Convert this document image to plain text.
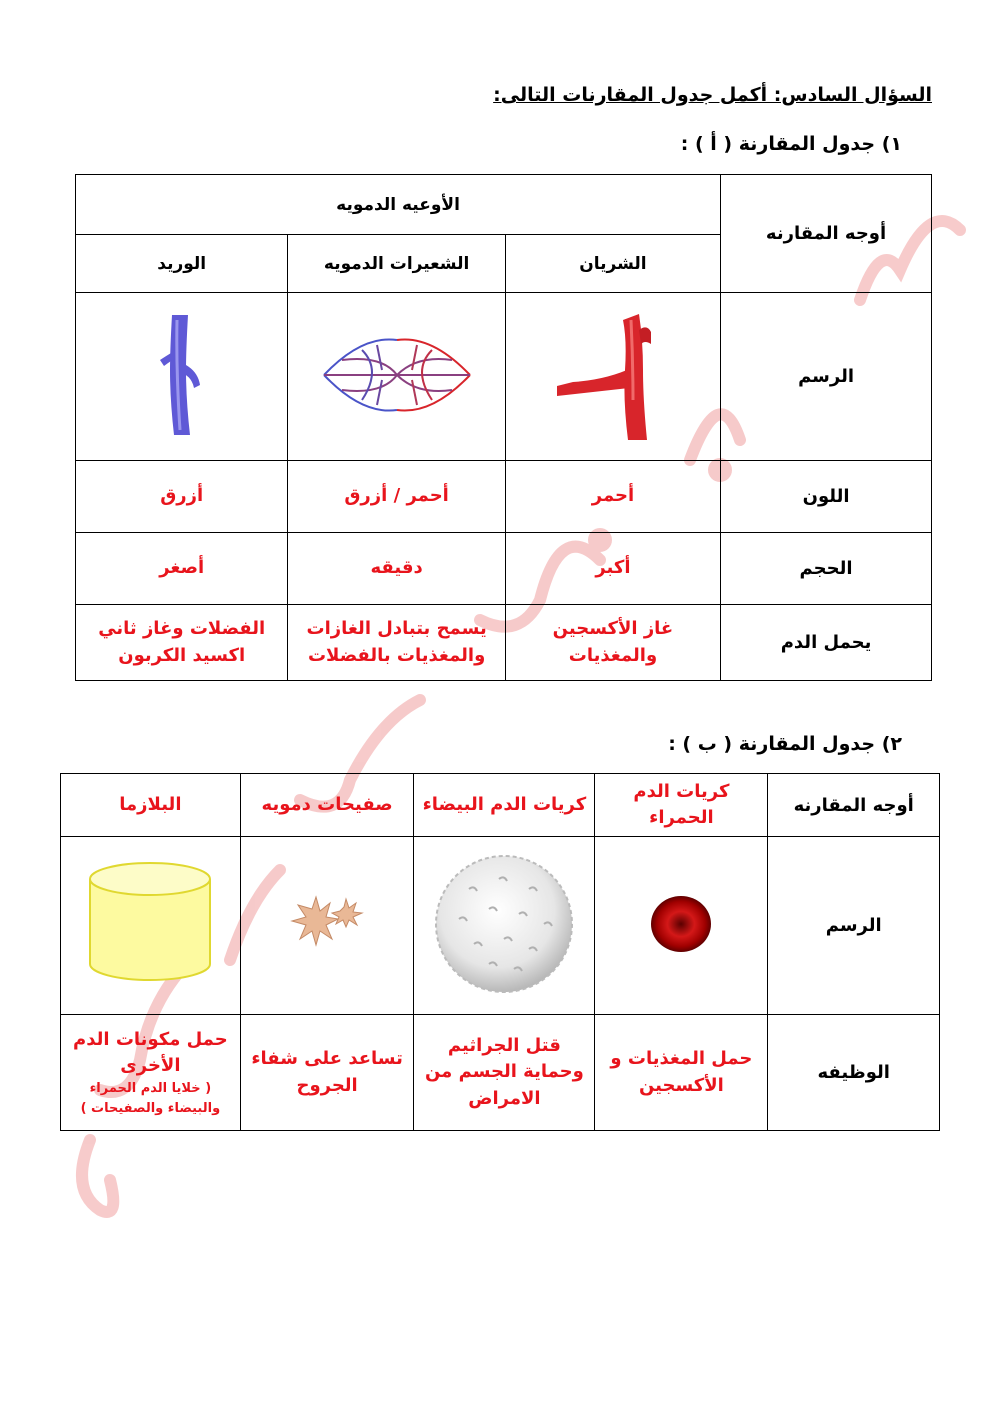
السؤال السادس: أكمل جدول المقارنات التالى:
١) جدول المقارنة ( أ ) :
أوجه المقارنه	الأوعيه الدمويه		
	الشريان	الشعيرات الدمويه	الوريد
الرسم			
اللون	أحمر	أحمر / أزرق	أزرق
الحجم	أكبر	دقيقه	أصغر
يحمل الدم	غاز الأكسجين والمغذيات	يسمح بتبادل الغازات والمغذيات بالفضلات	الفضلات وغاز ثاني اكسيد الكربون
٢) جدول المقارنة ( ب ) :
أوجه المقارنه	كريات الدم الحمراء	كريات الدم البيضاء	صفيحات دمويه	البلازما
الرسم				
الوظيفه	حمل المغذيات و الأكسجين	قتل الجراثيم وحماية الجسم من الامراض	تساعد على شفاء الجروح	حمل مكونات الدم الأخرى
( خلايا الدم الحمراء والبيضاء والصفيحات )
